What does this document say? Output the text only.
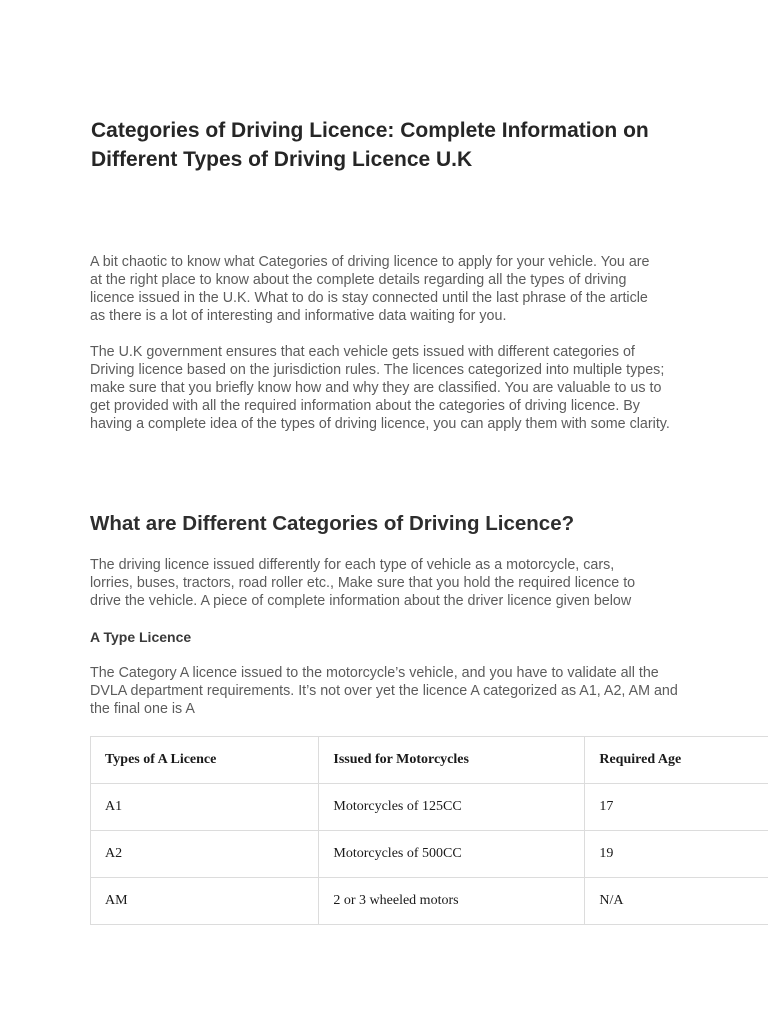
Categories of Driving Licence: Complete Information on Different Types of Driving Licence U.K

A bit chaotic to know what Categories of driving licence to apply for your vehicle. You are at the right place to know about the complete details regarding all the types of driving licence issued in the U.K. What to do is stay connected until the last phrase of the article as there is a lot of interesting and informative data waiting for you.

The U.K government ensures that each vehicle gets issued with different categories of Driving licence based on the jurisdiction rules. The licences categorized into multiple types; make sure that you briefly know how and why they are classified. You are valuable to us to get provided with all the required information about the categories of driving licence. By having a complete idea of the types of driving licence, you can apply them with some clarity.

What are Different Categories of Driving Licence?

The driving licence issued differently for each type of vehicle as a motorcycle, cars, lorries, buses, tractors, road roller etc., Make sure that you hold the required licence to drive the vehicle. A piece of complete information about the driver licence given below

A Type Licence

The Category A licence issued to the motorcycle’s vehicle, and you have to validate all the DVLA department requirements. It’s not over yet the licence A categorized as A1, A2, AM and the final one is A

Types of A Licence	Issued for Motorcycles	Required Age
A1	Motorcycles of 125CC	17
A2	Motorcycles of 500CC	19
AM	2 or 3 wheeled motors	N/A
